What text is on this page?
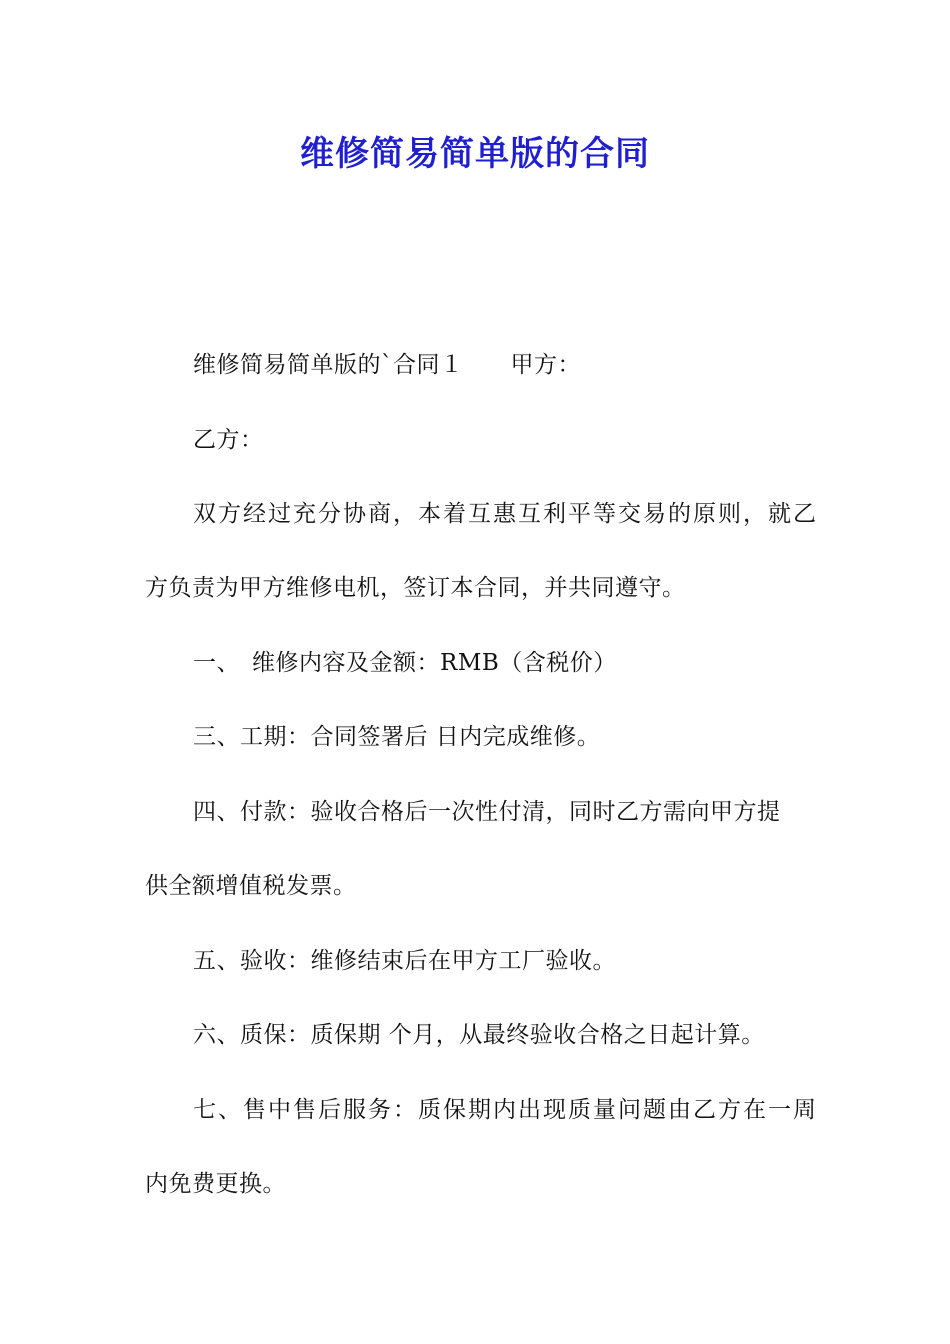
维修简易简单版的合同

维修简易简单版的`合同１　　甲方：

乙方：

双方经过充分协商，本着互惠互利平等交易的原则，就乙

方负责为甲方维修电机，签订本合同，并共同遵守。

一、　维修内容及金额：RMB（含税价）

三、工期：合同签署后 日内完成维修。

四、付款：验收合格后一次性付清，同时乙方需向甲方提

供全额增值税发票。

五、验收：维修结束后在甲方工厂验收。

六、质保：质保期 个月，从最终验收合格之日起计算。

七、售中售后服务：质保期内出现质量问题由乙方在一周

内免费更换。
